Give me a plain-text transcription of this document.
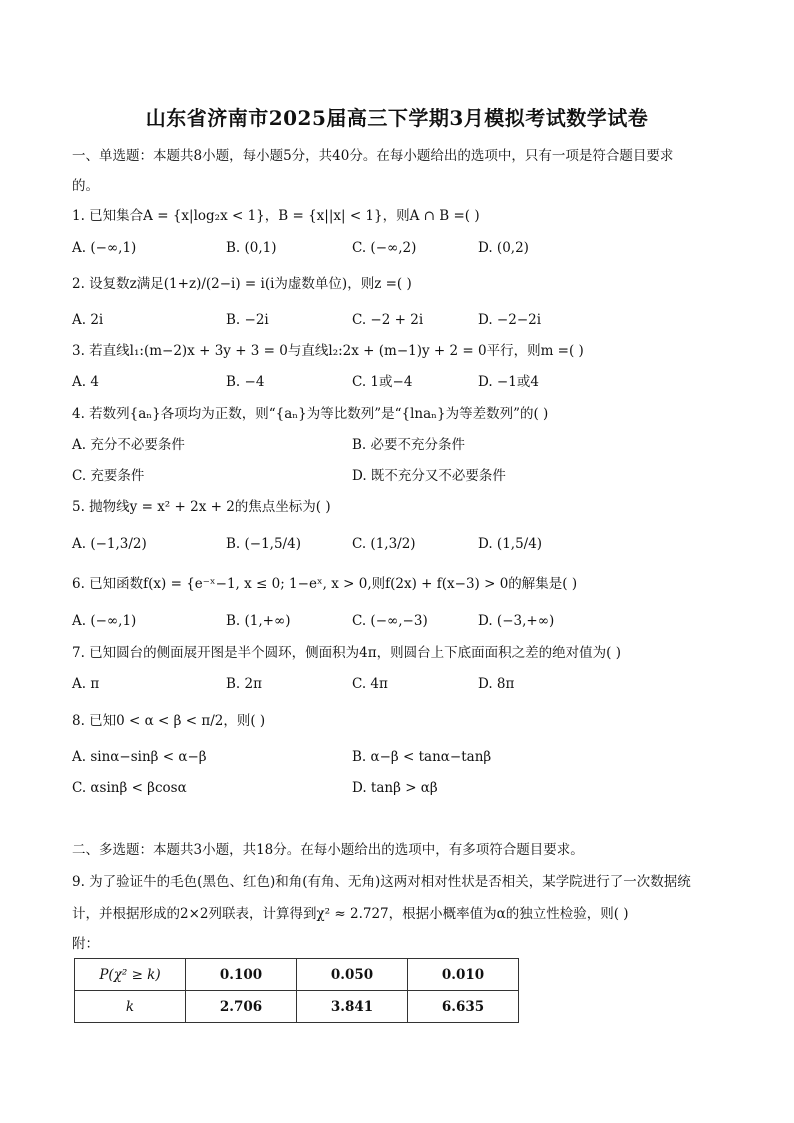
山东省济南市2025届高三下学期3月模拟考试数学试卷
一、单选题：本题共8小题，每小题5分，共40分。在每小题给出的选项中，只有一项是符合题目要求
的。
1. 已知集合A = {x|log₂x < 1}，B = {x||x| < 1}，则A ∩ B =( )
A. (−∞,1)	B. (0,1)	C. (−∞,2)	D. (0,2)
2. 设复数z满足(1+z)/(2−i) = i(i为虚数单位)，则z =( )
A. 2i	B. −2i	C. −2 + 2i	D. −2−2i
3. 若直线l₁:(m−2)x + 3y + 3 = 0与直线l₂:2x + (m−1)y + 2 = 0平行，则m =( )
A. 4	B. −4	C. 1或−4	D. −1或4
4. 若数列{aₙ}各项均为正数，则“{aₙ}为等比数列”是“{lnaₙ}为等差数列”的( )
A. 充分不必要条件	B. 必要不充分条件
C. 充要条件	D. 既不充分又不必要条件
5. 抛物线y = x² + 2x + 2的焦点坐标为( )
A. (−1,3/2)	B. (−1,5/4)	C. (1,3/2)	D. (1,5/4)
6. 已知函数f(x) = {e⁻ˣ−1, x ≤ 0; 1−eˣ, x > 0,则f(2x) + f(x−3) > 0的解集是( )
A. (−∞,1)	B. (1,+∞)	C. (−∞,−3)	D. (−3,+∞)
7. 已知圆台的侧面展开图是半个圆环，侧面积为4π，则圆台上下底面面积之差的绝对值为( )
A. π	B. 2π	C. 4π	D. 8π
8. 已知0 < α < β < π/2，则( )
A. sinα−sinβ < α−β	B. α−β < tanα−tanβ
C. αsinβ < βcosα	D. tanβ > αβ
二、多选题：本题共3小题，共18分。在每小题给出的选项中，有多项符合题目要求。
9. 为了验证牛的毛色(黑色、红色)和角(有角、无角)这两对相对性状是否相关，某学院进行了一次数据统
计，并根据形成的2×2列联表，计算得到χ² ≈ 2.727，根据小概率值为α的独立性检验，则( )
附：
P(χ² ≥ k)	0.100	0.050	0.010
k	2.706	3.841	6.635
